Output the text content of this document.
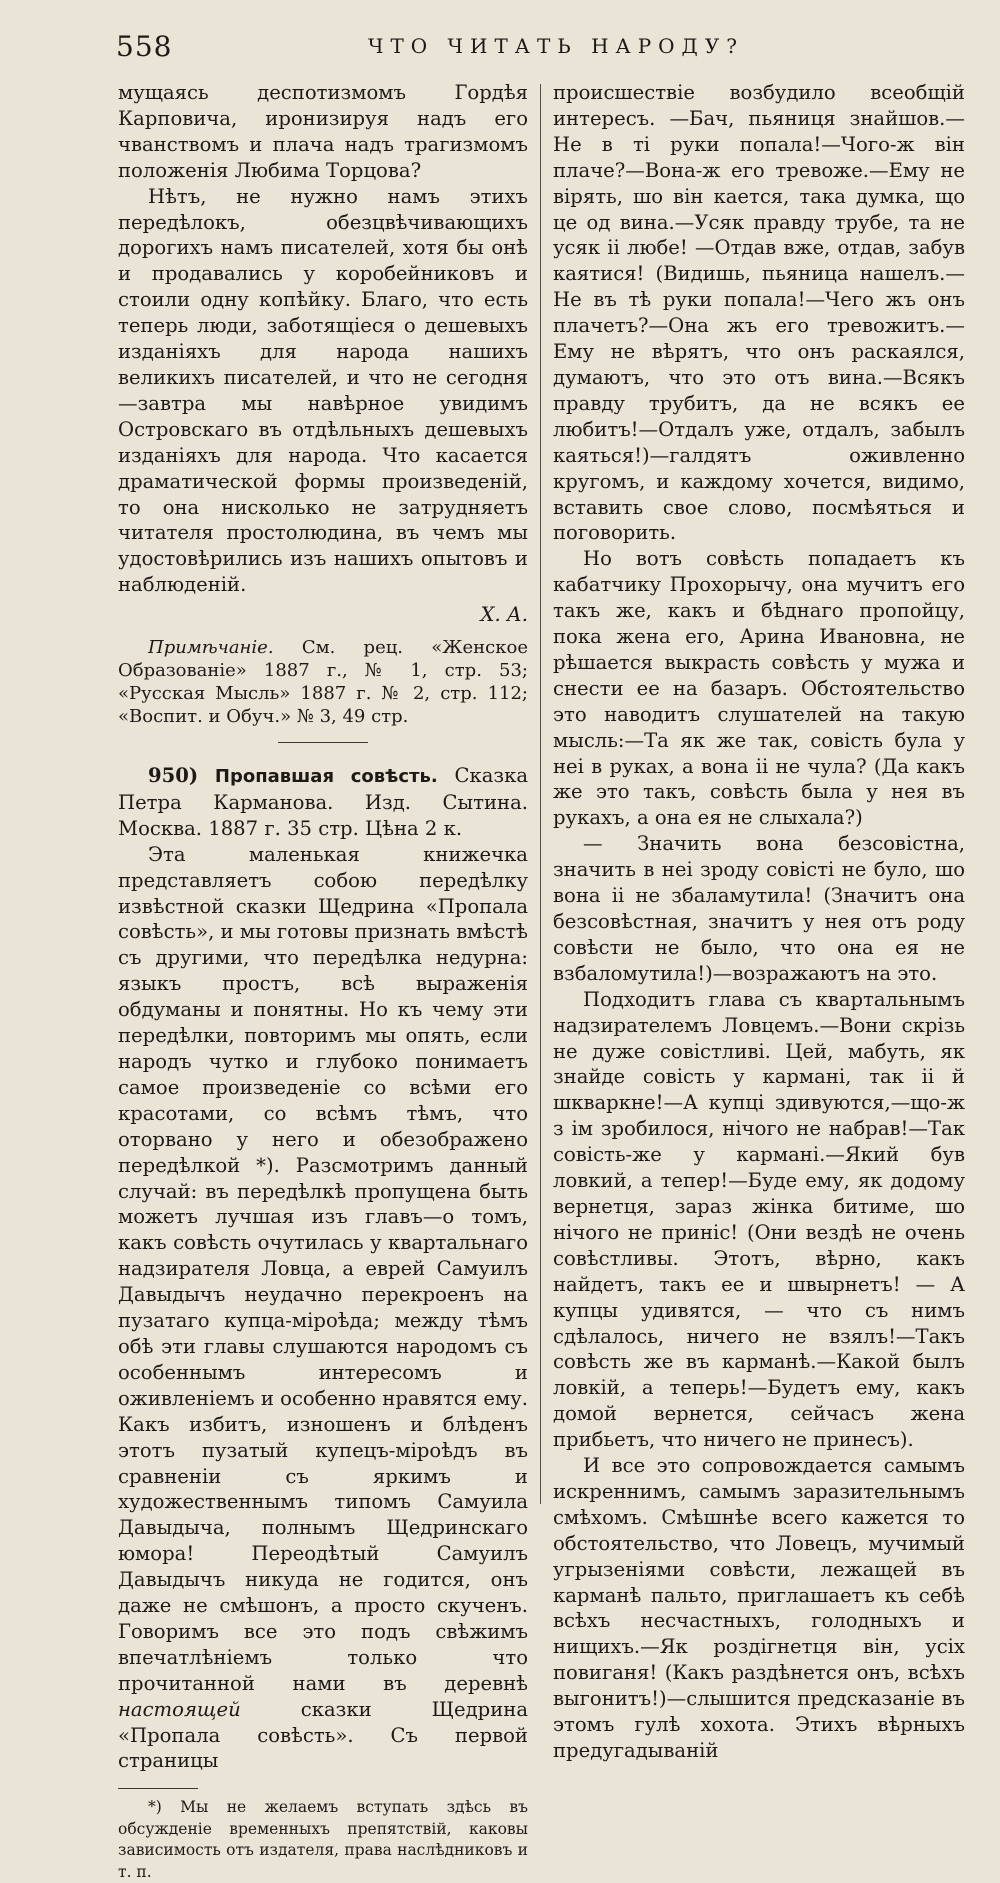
558	ЧТО ЧИТАТЬ НАРОДУ?

мущаясь деспотизмомъ Гордѣя Карповича, иронизируя надъ его чванствомъ и плача надъ трагизмомъ положенія Любима Торцова?

Нѣтъ, не нужно намъ этихъ передѣлокъ, обезцвѣчивающихъ дорогихъ намъ писателей, хотя бы онѣ и продавались у коробейниковъ и стоили одну копѣйку. Благо, что есть теперь люди, заботящіеся о дешевыхъ изданіяхъ для народа нашихъ великихъ писателей, и что не сегодня—завтра мы навѣрное увидимъ Островскаго въ отдѣльныхъ дешевыхъ изданіяхъ для народа. Что касается драматической формы произведеній, то она нисколько не затрудняетъ читателя простолюдина, въ чемъ мы удостовѣрились изъ нашихъ опытовъ и наблюденій.

Х. А.

Примѣчаніе. См. рец. «Женское Образованіе» 1887 г., № 1, стр. 53; «Русская Мысль» 1887 г. № 2, стр. 112; «Воспит. и Обуч.» № 3, 49 стр.

950) Пропавшая совѣсть. Сказка Петра Карманова. Изд. Сытина. Москва. 1887 г. 35 стр. Цѣна 2 к.

Эта маленькая книжечка представляетъ собою передѣлку извѣстной сказки Щедрина «Пропала совѣсть», и мы готовы признать вмѣстѣ съ другими, что передѣлка недурна: языкъ простъ, всѣ выраженія обдуманы и понятны. Но къ чему эти передѣлки, повторимъ мы опять, если народъ чутко и глубоко понимаетъ самое произведеніе со всѣми его красотами, со всѣмъ тѣмъ, что оторвано у него и обезображено передѣлкой *). Разсмотримъ данный случай: въ передѣлкѣ пропущена быть можетъ лучшая изъ главъ—о томъ, какъ совѣсть очутилась у квартальнаго надзирателя Ловца, а еврей Самуилъ Давыдычъ неудачно перекроенъ на пузатаго купца-міроѣда; между тѣмъ обѣ эти главы слушаются народомъ съ особеннымъ интересомъ и оживленіемъ и особенно нравятся ему. Какъ избитъ, изношенъ и блѣденъ этотъ пузатый купецъ-міроѣдъ въ сравненіи съ яркимъ и художественнымъ типомъ Самуила Давыдыча, полнымъ Щедринскаго юмора! Переодѣтый Самуилъ Давыдычъ никуда не годится, онъ даже не смѣшонъ, а просто скученъ. Говоримъ все это подъ свѣжимъ впечатлѣніемъ только что прочитанной нами въ деревнѣ настоящей	сказки Щедрина «Пропала совѣсть». Съ первой страницы

*) Мы не желаемъ вступать здѣсь въ обсужденіе временныхъ препятствій, каковы зависимость отъ издателя, права наслѣдниковъ и т. п.

происшествіе возбудило всеобщій интересъ. —Бач, пьяниця знайшов.—Не в ті руки попала!—Чого-ж він плаче?—Вона-ж его тревоже.—Ему не вірять, шо він кается, така думка, що це од вина.—Усяк правду трубе, та не усяк іі любе! —Отдав вже, отдав, забув каятися! (Видишь, пьяница нашелъ.—Не въ тѣ руки попала!—Чего жъ онъ плачетъ?—Она жъ его тревожитъ.—Ему не вѣрятъ, что онъ раскаялся, думаютъ, что это отъ вина.—Всякъ правду трубитъ, да не всякъ ее любитъ!—Отдалъ уже, отдалъ, забылъ каяться!)—галдятъ оживленно кругомъ, и каждому хочется, видимо, вставить свое слово, посмѣяться и поговорить.

Но вотъ совѣсть попадаетъ къ кабатчику Прохорычу, она мучитъ его такъ же, какъ и бѣднаго пропойцу, пока жена его, Арина Ивановна, не рѣшается выкрасть совѣсть у мужа и снести ее на базаръ. Обстоятельство это наводитъ слушателей на такую мысль:—Та як же так, совість була у неі в руках, а вона іі не чула? (Да какъ же это такъ, совѣсть была у нея въ рукахъ, а она ея не слыхала?)

— Значить вона безсовістна, значить в неі зроду совісті не було, шо вона іі не збаламутила! (Значитъ она безсовѣстная, значитъ у нея отъ роду совѣсти не было, что она ея не взбаломутила!)—возражаютъ на это.

Подходитъ глава съ квартальнымъ надзирателемъ Ловцемъ.—Вони скрізь не дуже совістливі. Цей, мабуть, як знайде совість у кармані, так іі й шкваркне!—А купці здивуются,—що-ж з ім зробилося, нічого не набрав!—Так совість-же у кармані.—Який був ловкий, а тепер!—Буде ему, як додому вернетця, зараз жінка битиме, шо нічого не приніс! (Они вездѣ не очень совѣстливы. Этотъ, вѣрно, какъ найдетъ, такъ ее и швырнетъ! — А купцы удивятся, — что съ нимъ сдѣлалось, ничего не взялъ!—Такъ совѣсть же въ карманѣ.—Какой былъ ловкій, а теперь!—Будетъ ему, какъ домой вернется, сейчасъ жена прибьетъ, что ничего не принесъ).

И все это сопровождается самымъ искреннимъ, самымъ заразительнымъ смѣхомъ. Смѣшнѣе всего кажется то обстоятельство, что Ловецъ, мучимый угрызеніями совѣсти, лежащей въ карманѣ пальто, приглашаетъ къ себѣ всѣхъ несчастныхъ, голодныхъ и нищихъ.—Як роздігнетця він, усіх повиганя! (Какъ раздѣнется онъ, всѣхъ выгонитъ!)—слышится предсказаніе въ этомъ гулѣ хохота. Этихъ вѣрныхъ предугадываній
